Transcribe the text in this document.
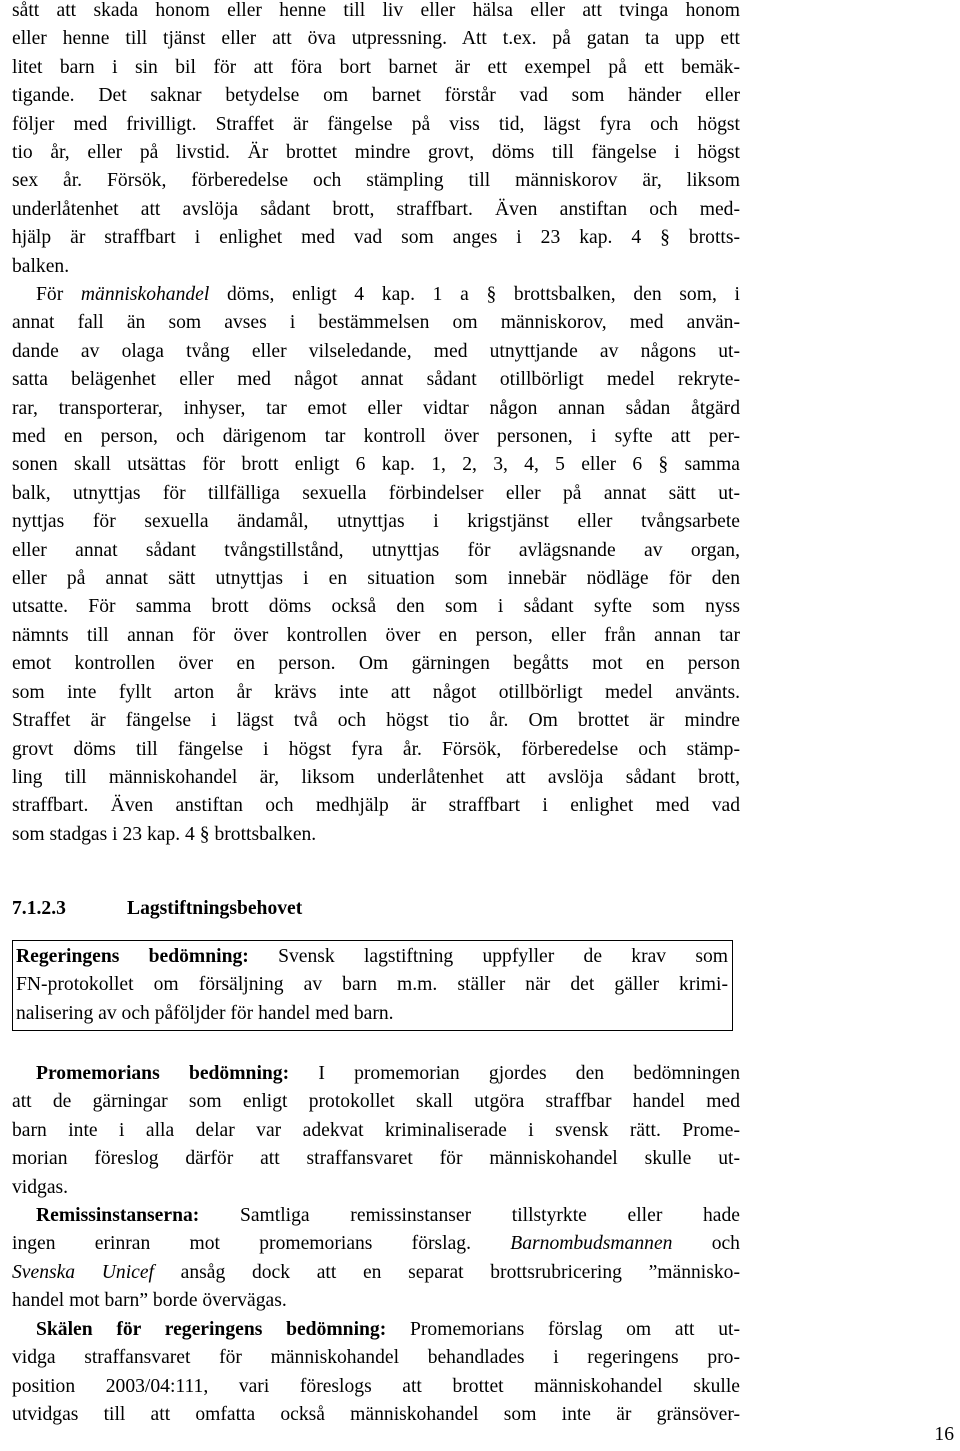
sått att skada honom eller henne till liv eller hälsa eller att tvinga honom
eller henne till tjänst eller att öva utpressning. Att t.ex. på gatan ta upp ett
litet barn i sin bil för att föra bort barnet är ett exempel på ett bemäk-
tigande. Det saknar betydelse om barnet förstår vad som händer eller
följer med frivilligt. Straffet är fängelse på viss tid, lägst fyra och högst
tio år, eller på livstid. Är brottet mindre grovt, döms till fängelse i högst
sex år. Försök, förberedelse och stämpling till människorov är, liksom
underlåtenhet att avslöja sådant brott, straffbart. Även anstiftan och med-
hjälp är straffbart i enlighet med vad som anges i 23 kap. 4 § brotts-
balken.

För människohandel döms, enligt 4 kap. 1 a § brottsbalken, den som, i
annat fall än som avses i bestämmelsen om människorov, med använ-
dande av olaga tvång eller vilseledande, med utnyttjande av någons ut-
satta belägenhet eller med något annat sådant otillbörligt medel rekryte-
rar, transporterar, inhyser, tar emot eller vidtar någon annan sådan åtgärd
med en person, och därigenom tar kontroll över personen, i syfte att per-
sonen skall utsättas för brott enligt 6 kap. 1, 2, 3, 4, 5 eller 6 § samma
balk, utnyttjas för tillfälliga sexuella förbindelser eller på annat sätt ut-
nyttjas för sexuella ändamål, utnyttjas i krigstjänst eller tvångsarbete
eller annat sådant tvångstillstånd, utnyttjas för avlägsnande av organ,
eller på annat sätt utnyttjas i en situation som innebär nödläge för den
utsatte. För samma brott döms också den som i sådant syfte som nyss
nämnts till annan för över kontrollen över en person, eller från annan tar
emot kontrollen över en person. Om gärningen begåtts mot en person
som inte fyllt arton år krävs inte att något otillbörligt medel använts.
Straffet är fängelse i lägst två och högst tio år. Om brottet är mindre
grovt döms till fängelse i högst fyra år. Försök, förberedelse och stämp-
ling till människohandel är, liksom underlåtenhet att avslöja sådant brott,
straffbart. Även anstiftan och medhjälp är straffbart i enlighet med vad
som stadgas i 23 kap. 4 § brottsbalken.

7.1.2.3	Lagstiftningsbehovet

Regeringens bedömning: Svensk lagstiftning uppfyller de krav som
FN-protokollet om försäljning av barn m.m. ställer när det gäller krimi-
nalisering av och påföljder för handel med barn.

Promemorians bedömning: I promemorian gjordes den bedömningen
att de gärningar som enligt protokollet skall utgöra straffbar handel med
barn inte i alla delar var adekvat kriminaliserade i svensk rätt. Prome-
morian föreslog därför att straffansvaret för människohandel skulle ut-
vidgas.

Remissinstanserna: Samtliga remissinstanser tillstyrkte eller hade
ingen erinran mot promemorians förslag. Barnombudsmannen och
Svenska Unicef ansåg dock att en separat brottsrubricering ”människo-
handel mot barn” borde övervägas.

Skälen för regeringens bedömning: Promemorians förslag om att ut-
vidga straffansvaret för människohandel behandlades i regeringens pro-
position 2003/04:111, vari föreslogs att brottet människohandel skulle
utvidgas till att omfatta också människohandel som inte är gränsöver-

16
